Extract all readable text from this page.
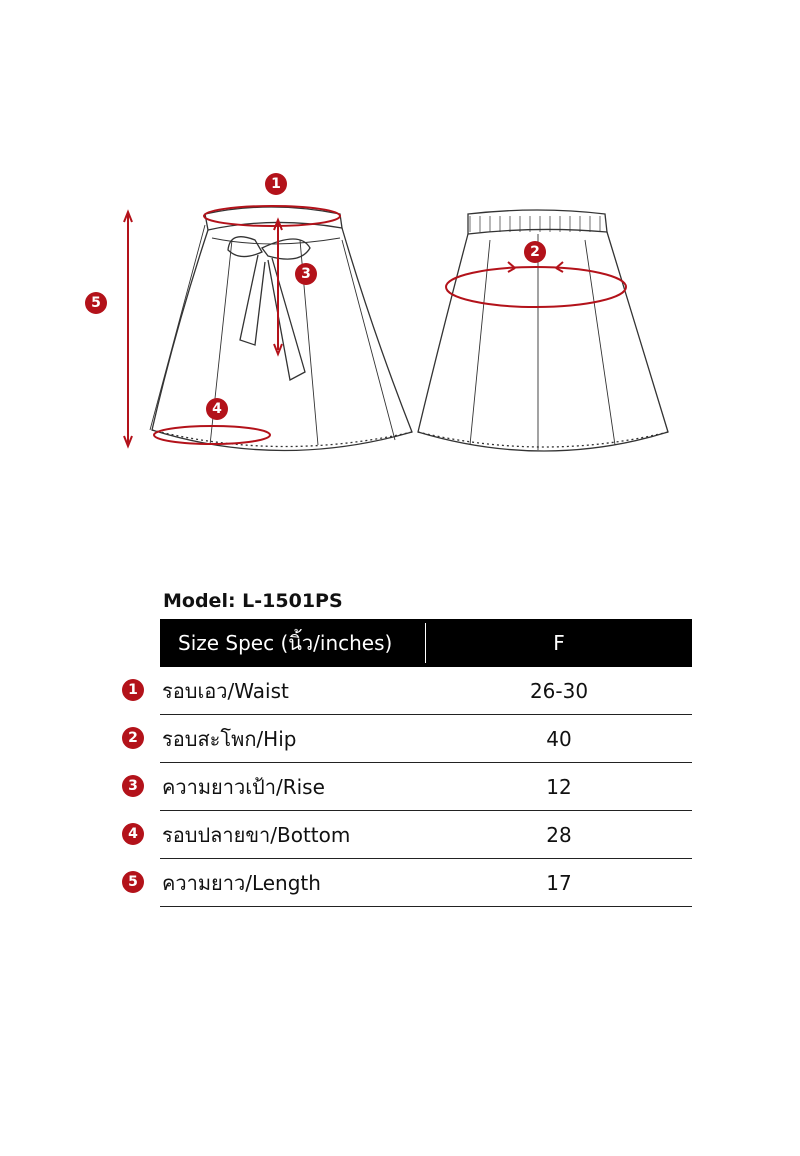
1
2
3
4
5
Model: L-1501PS
Size Spec (นิ้ว/inches)	F
1	รอบเอว/Waist	26-30
2	รอบสะโพก/Hip	40
3	ความยาวเป้า/Rise	12
4	รอบปลายขา/Bottom	28
5	ความยาว/Length	17
